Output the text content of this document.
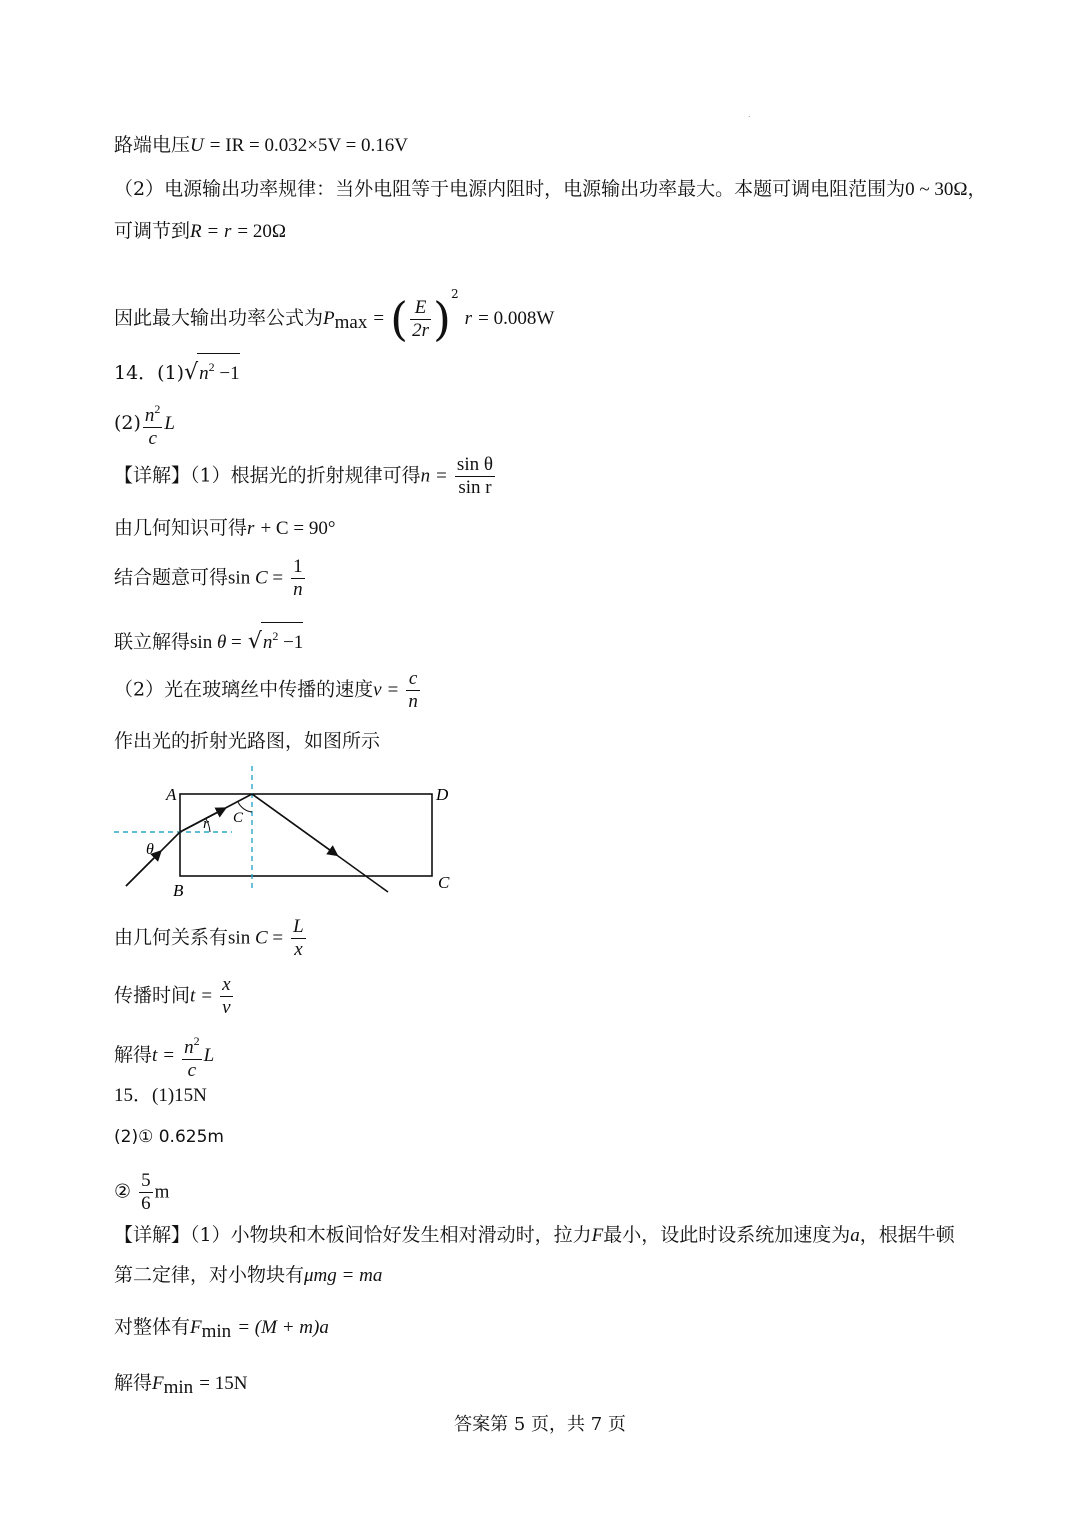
.
路端电压U = IR = 0.032×5V = 0.16V
（2）电源输出功率规律：当外电阻等于电源内阻时，电源输出功率最大。本题可调电阻范围为0 ~ 30Ω，
可调节到R = r = 20Ω
因此最大输出功率公式为$P_{max}$ = ( $\frac{E}{2r} )^2$ r = 0.008W
14．$(1)√n^2 -1$
$(2) \frac{n^2}{c}$ L
【详解】（1）根据光的折射规律可得$n = \frac{\text{sin θ}}{\text{sin r}}$
由几何知识可得r + C = 90°
结合题意可得$\sin C = \frac{1}{n}$
联立解得$\sin \theta = √n^2 -1$
（2）光在玻璃丝中传播的速度$v = \frac{c}{n}$
作出光的折射光路图，如图所示
A
B	C
D
θ
r C
由几何关系有$\sin C = \frac{L}{x}$
传播时间$t = \frac{x}{v}$
解得$t = \frac{n^2}{c}$ L
15．(1)15N
(2)① 0.625m
② $\frac{5}{6}$ m
【详解】（1）小物块和木板间恰好发生相对滑动时，拉力F最小，设此时设系统加速度为a，根据牛顿
第二定律，对小物块有μmg = ma
对整体有$F_{min} = (M + m)a$
解得$F_{min} = 15N$
答案第 5 页，共 7 页
